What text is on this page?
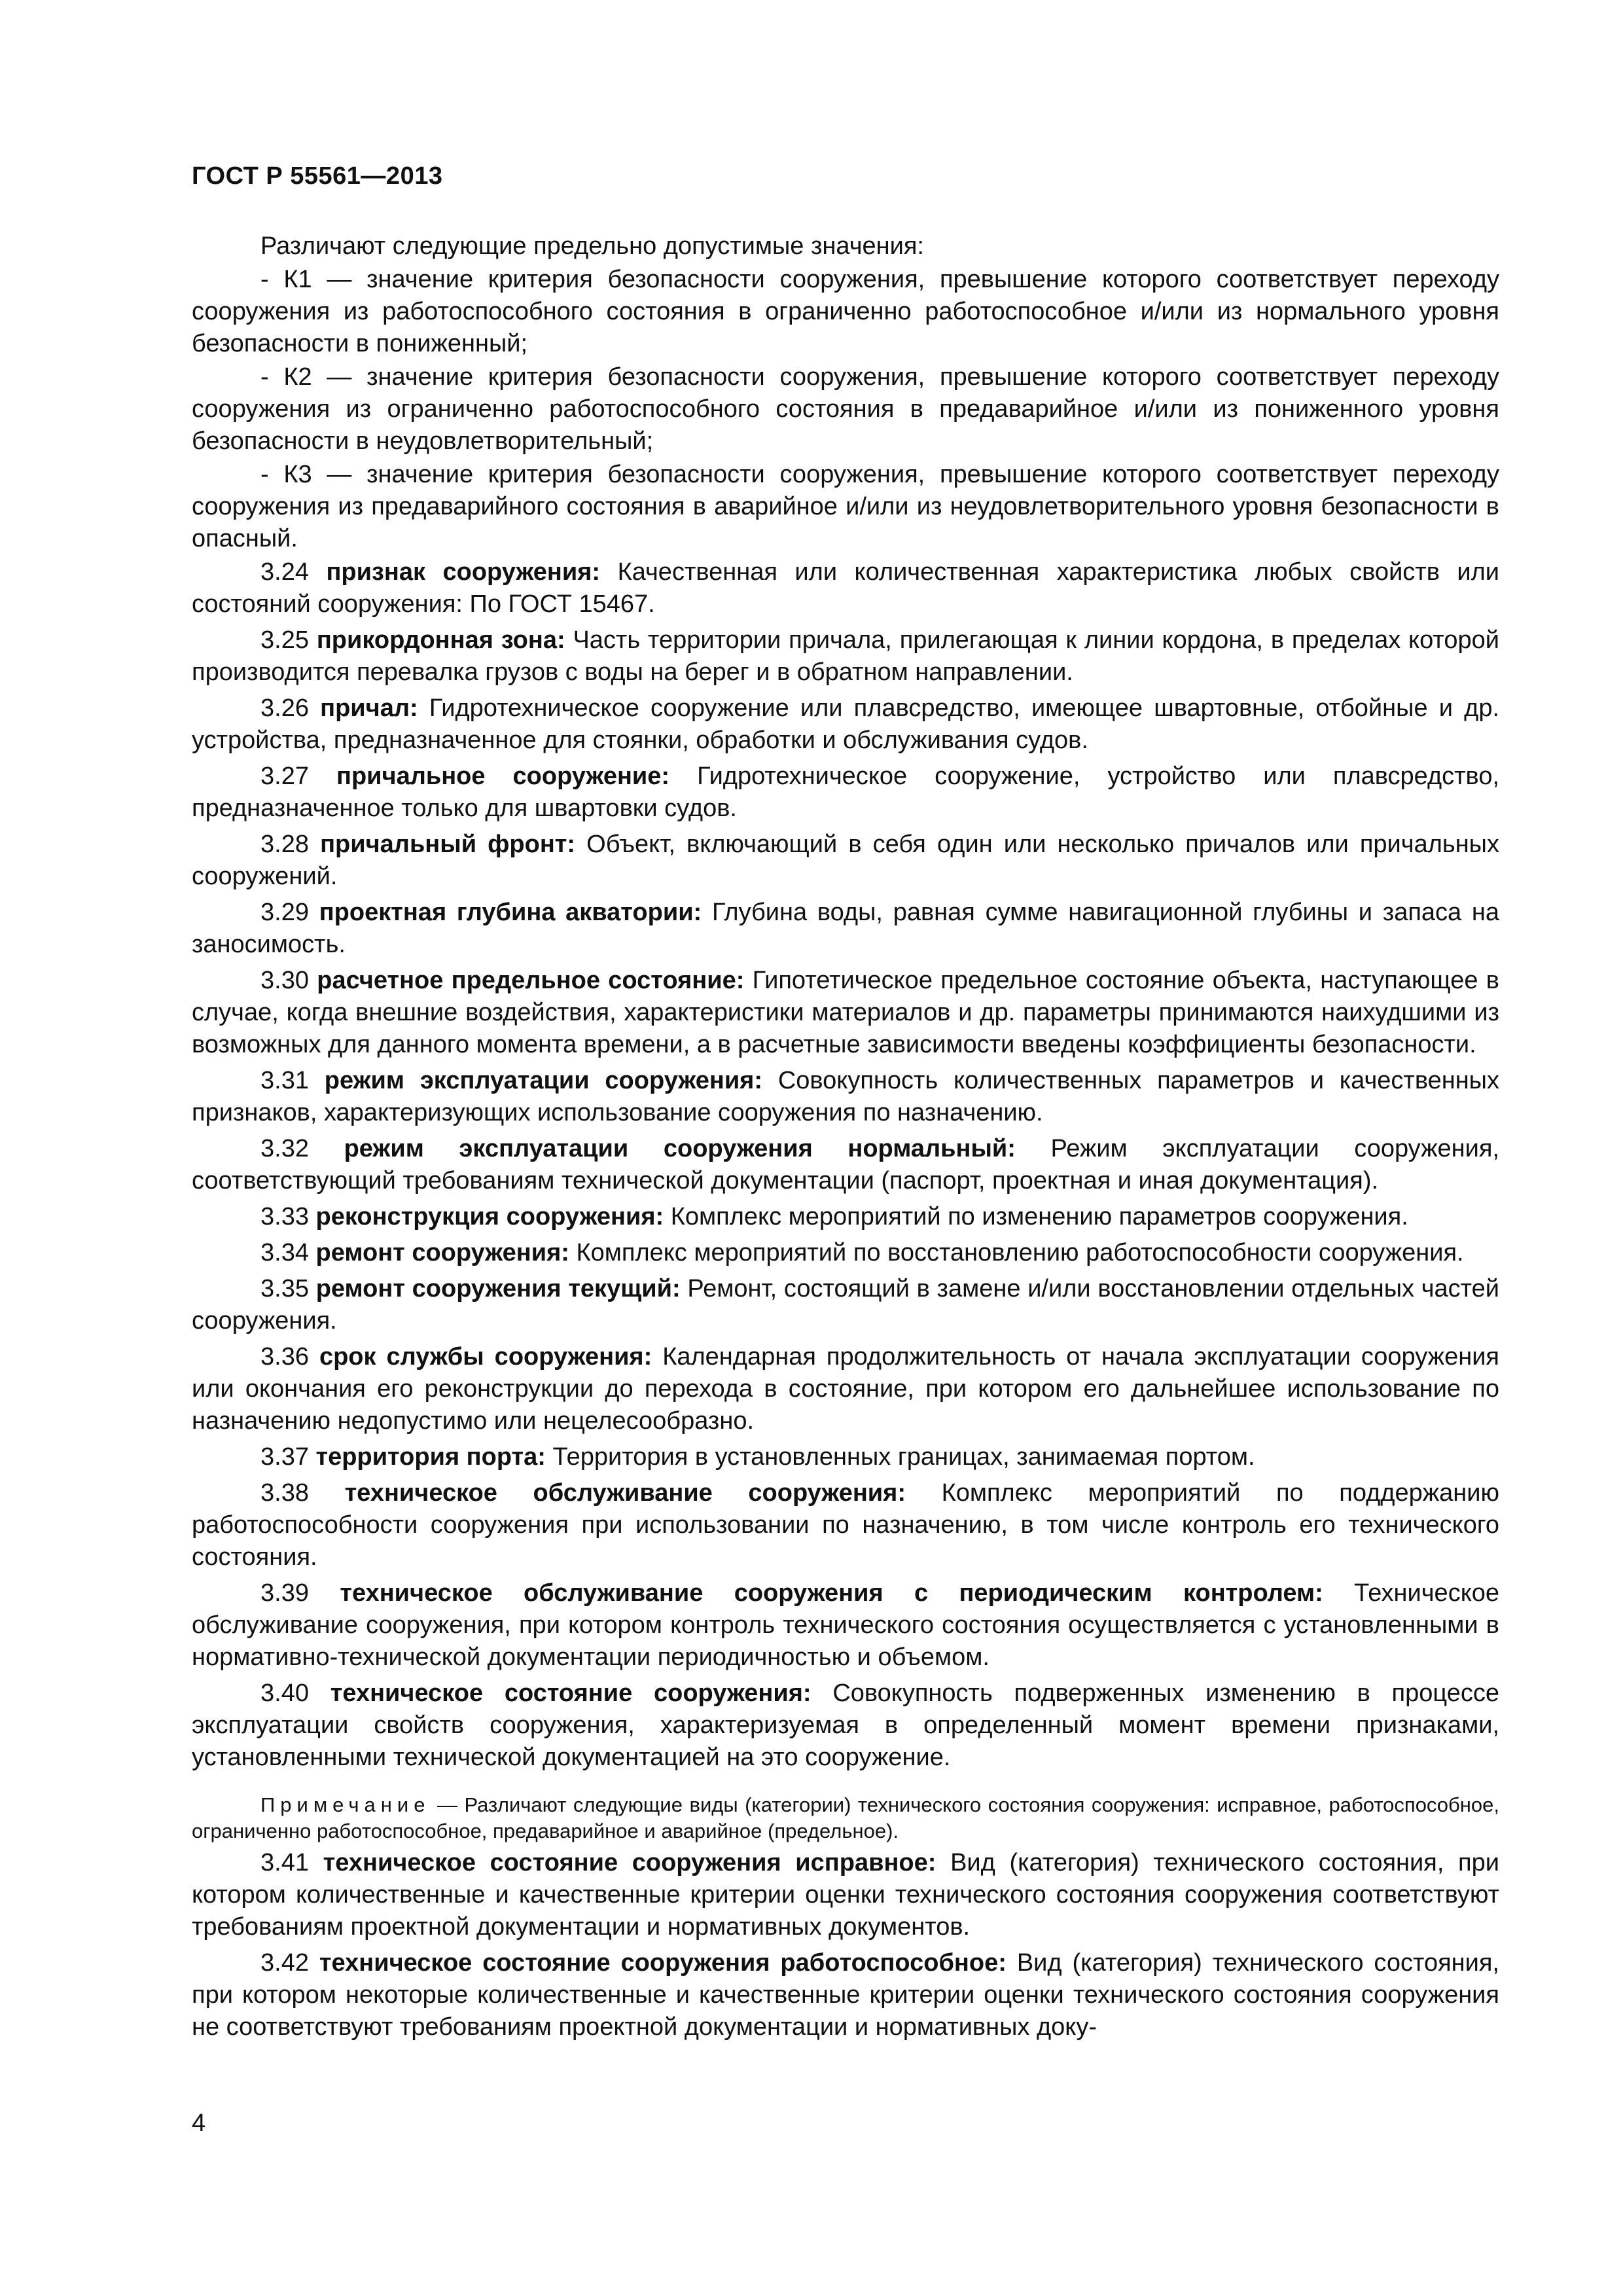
ГОСТ Р 55561—2013

Различают следующие предельно допустимые значения:

- К1 — значение критерия безопасности сооружения, превышение которого соответствует переходу сооружения из работоспособного состояния в ограниченно работоспособное и/или из нормального уровня безопасности в пониженный;

- К2 — значение критерия безопасности сооружения, превышение которого соответствует переходу сооружения из ограниченно работоспособного состояния в предаварийное и/или из пониженного уровня безопасности в неудовлетворительный;

- К3 — значение критерия безопасности сооружения, превышение которого соответствует переходу сооружения из предаварийного состояния в аварийное и/или из неудовлетворительного уровня безопасности в опасный.

3.24 признак сооружения: Качественная или количественная характеристика любых свойств или состояний сооружения: По ГОСТ 15467.

3.25 прикордонная зона: Часть территории причала, прилегающая к линии кордона, в пределах которой производится перевалка грузов с воды на берег и в обратном направлении.

3.26 причал: Гидротехническое сооружение или плавсредство, имеющее швартовные, отбойные и др. устройства, предназначенное для стоянки, обработки и обслуживания судов.

3.27 причальное сооружение: Гидротехническое сооружение, устройство или плавсредство, предназначенное только для швартовки судов.

3.28 причальный фронт: Объект, включающий в себя один или несколько причалов или причальных сооружений.

3.29 проектная глубина акватории: Глубина воды, равная сумме навигационной глубины и запаса на заносимость.

3.30 расчетное предельное состояние: Гипотетическое предельное состояние объекта, наступающее в случае, когда внешние воздействия, характеристики материалов и др. параметры принимаются наихудшими из возможных для данного момента времени, а в расчетные зависимости введены коэффициенты безопасности.

3.31 режим эксплуатации сооружения: Совокупность количественных параметров и качественных признаков, характеризующих использование сооружения по назначению.

3.32 режим эксплуатации сооружения нормальный: Режим эксплуатации сооружения, соответствующий требованиям технической документации (паспорт, проектная и иная документация).

3.33 реконструкция сооружения: Комплекс мероприятий по изменению параметров сооружения.

3.34 ремонт сооружения: Комплекс мероприятий по восстановлению работоспособности сооружения.

3.35 ремонт сооружения текущий: Ремонт, состоящий в замене и/или восстановлении отдельных частей сооружения.

3.36 срок службы сооружения: Календарная продолжительность от начала эксплуатации сооружения или окончания его реконструкции до перехода в состояние, при котором его дальнейшее использование по назначению недопустимо или нецелесообразно.

3.37 территория порта: Территория в установленных границах, занимаемая портом.

3.38 техническое обслуживание сооружения: Комплекс мероприятий по поддержанию работоспособности сооружения при использовании по назначению, в том числе контроль его технического состояния.

3.39 техническое обслуживание сооружения с периодическим контролем: Техническое обслуживание сооружения, при котором контроль технического состояния осуществляется с установленными в нормативно-технической документации периодичностью и объемом.

3.40 техническое состояние сооружения: Совокупность подверженных изменению в процессе эксплуатации свойств сооружения, характеризуемая в определенный момент времени признаками, установленными технической документацией на это сооружение.

Примечание — Различают следующие виды (категории) технического состояния сооружения: исправное, работоспособное, ограниченно работоспособное, предаварийное и аварийное (предельное).

3.41 техническое состояние сооружения исправное: Вид (категория) технического состояния, при котором количественные и качественные критерии оценки технического состояния сооружения соответствуют требованиям проектной документации и нормативных документов.

3.42 техническое состояние сооружения работоспособное: Вид (категория) технического состояния, при котором некоторые количественные и качественные критерии оценки технического состояния сооружения не соответствуют требованиям проектной документации и нормативных доку-

4
